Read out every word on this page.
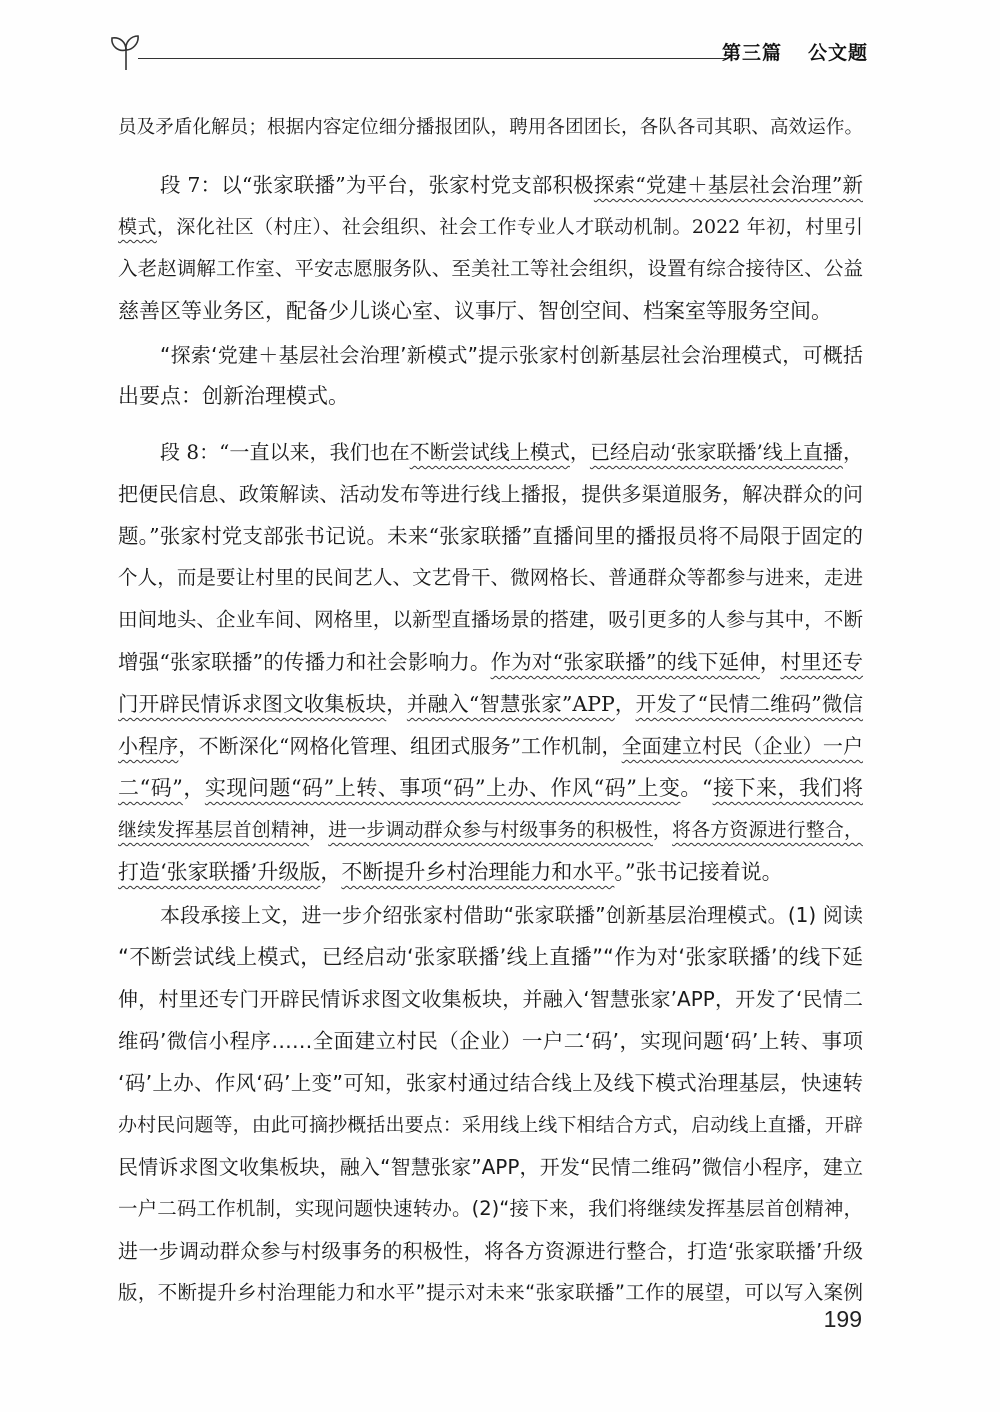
第三篇 公文题
员及矛盾化解员；根据内容定位细分播报团队，聘用各团团长，各队各司其职、高效运作。
段 7：以“张家联播”为平台，张家村党支部积极探索“党建＋基层社会治理”新
模式，深化社区（村庄）、社会组织、社会工作专业人才联动机制。2022 年初，村里引
入老赵调解工作室、平安志愿服务队、至美社工等社会组织，设置有综合接待区、公益
慈善区等业务区，配备少儿谈心室、议事厅、智创空间、档案室等服务空间。
“探索‘党建＋基层社会治理’新模式”提示张家村创新基层社会治理模式，可概括
出要点：创新治理模式。
段 8：“一直以来，我们也在不断尝试线上模式，已经启动‘张家联播’线上直播，
把便民信息、政策解读、活动发布等进行线上播报，提供多渠道服务，解决群众的问
题。”张家村党支部张书记说。未来“张家联播”直播间里的播报员将不局限于固定的
个人，而是要让村里的民间艺人、文艺骨干、微网格长、普通群众等都参与进来，走进
田间地头、企业车间、网格里，以新型直播场景的搭建，吸引更多的人参与其中，不断
增强“张家联播”的传播力和社会影响力。作为对“张家联播”的线下延伸，村里还专
门开辟民情诉求图文收集板块，并融入“智慧张家”APP，开发了“民情二维码”微信
小程序，不断深化“网格化管理、组团式服务”工作机制，全面建立村民（企业）一户
二“码”，实现问题“码”上转、事项“码”上办、作风“码”上变。“接下来，我们将
继续发挥基层首创精神，进一步调动群众参与村级事务的积极性，将各方资源进行整合，
打造‘张家联播’升级版，不断提升乡村治理能力和水平。”张书记接着说。
本段承接上文，进一步介绍张家村借助“张家联播”创新基层治理模式。(1) 阅读
“不断尝试线上模式，已经启动‘张家联播’线上直播”“作为对‘张家联播’的线下延
伸，村里还专门开辟民情诉求图文收集板块，并融入‘智慧张家’APP，开发了‘民情二
维码’微信小程序……全面建立村民（企业）一户二‘码’，实现问题‘码’上转、事项
‘码’上办、作风‘码’上变”可知，张家村通过结合线上及线下模式治理基层，快速转
办村民问题等，由此可摘抄概括出要点：采用线上线下相结合方式，启动线上直播，开辟
民情诉求图文收集板块，融入“智慧张家”APP，开发“民情二维码”微信小程序，建立
一户二码工作机制，实现问题快速转办。(2)“接下来，我们将继续发挥基层首创精神，
进一步调动群众参与村级事务的积极性，将各方资源进行整合，打造‘张家联播’升级
版，不断提升乡村治理能力和水平”提示对未来“张家联播”工作的展望，可以写入案例
199
